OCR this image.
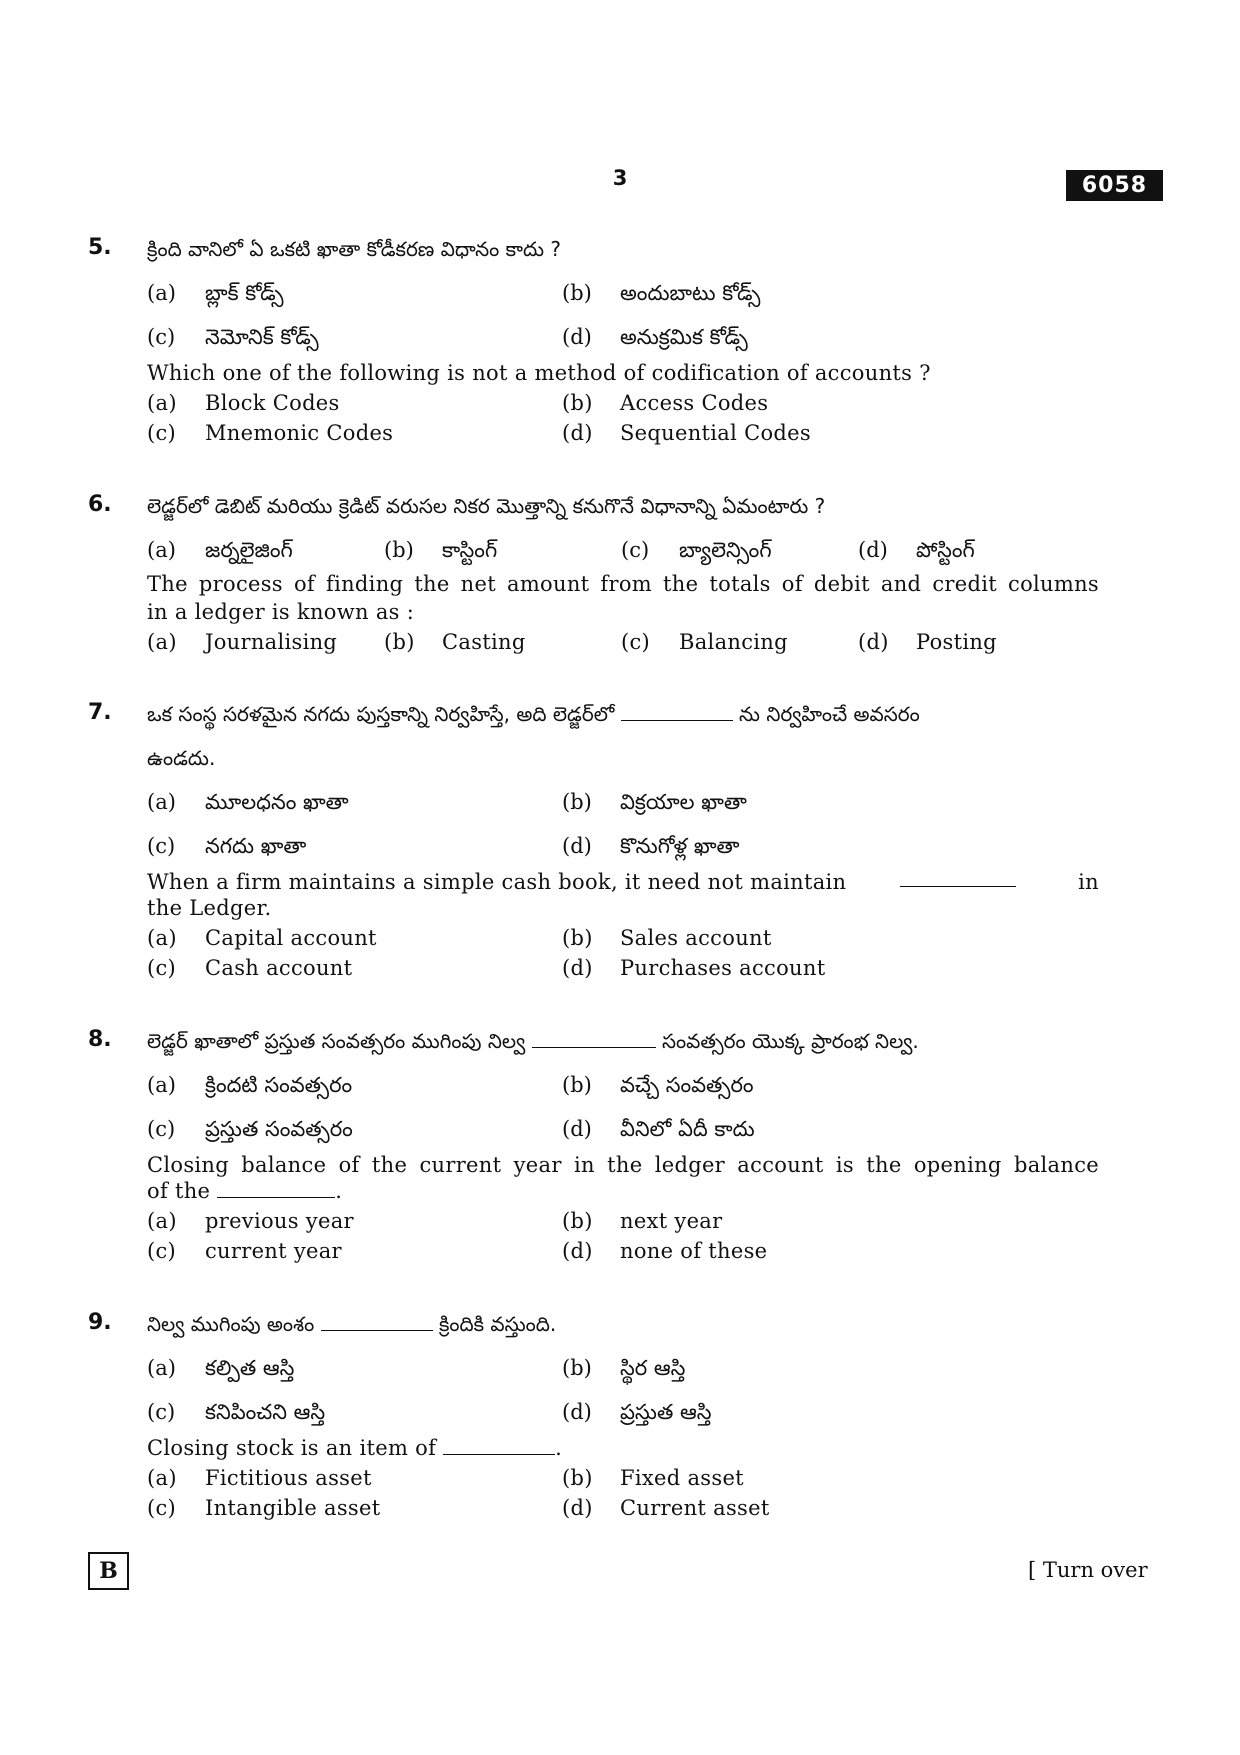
3	6058
5. క్రింది వానిలో ఏ ఒకటి ఖాతా కోడీకరణ విధానం కాదు ?
(a) బ్లాక్ కోడ్స్	(b) అందుబాటు కోడ్స్
(c) నెమోనిక్ కోడ్స్	(d) అనుక్రమిక కోడ్స్
Which one of the following is not a method of codification of accounts ?
(a) Block Codes	(b) Access Codes
(c) Mnemonic Codes	(d) Sequential Codes
6. లెడ్జర్‌లో డెబిట్ మరియు క్రెడిట్ వరుసల నికర మొత్తాన్ని కనుగొనే విధానాన్ని ఏమంటారు ?
(a) జర్నలైజింగ్	(b) కాస్టింగ్	(c) బ్యాలెన్సింగ్	(d) పోస్టింగ్
The process of finding the net amount from the totals of debit and credit columns
in a ledger is known as :
(a) Journalising (b) Casting	(c) Balancing	(d) Posting
7. ఒక సంస్థ సరళమైన నగదు పుస్తకాన్ని నిర్వహిస్తే, అది లెడ్జర్‌లో	ను నిర్వహించే అవసరం
ఉండదు.
(a) మూలధనం ఖాతా	(b) విక్రయాల ఖాతా
(c) నగదు ఖాతా	(d) కొనుగోళ్ల ఖాతా
When a firm maintains a simple cash book, it need not maintain	in
the Ledger.
(a) Capital account	(b) Sales account
(c) Cash account	(d) Purchases account
8. లెడ్జర్ ఖాతాలో ప్రస్తుత సంవత్సరం ముగింపు నిల్వ	సంవత్సరం యొక్క ప్రారంభ నిల్వ.
(a) క్రిందటి సంవత్సరం	(b) వచ్చే సంవత్సరం
(c) ప్రస్తుత సంవత్సరం	(d) వీనిలో ఏదీ కాదు
Closing balance of the current year in the ledger account is the opening balance
of the	.
(a) previous year	(b) next year
(c) current year	(d) none of these
9. నిల్వ ముగింపు అంశం	క్రిందికి వస్తుంది.
(a) కల్పిత ఆస్తి	(b) స్థిర ఆస్తి
(c) కనిపించని ఆస్తి	(d) ప్రస్తుత ఆస్తి
Closing stock is an item of	.
(a) Fictitious asset	(b) Fixed asset
(c) Intangible asset	(d) Current asset
B	[ Turn over
